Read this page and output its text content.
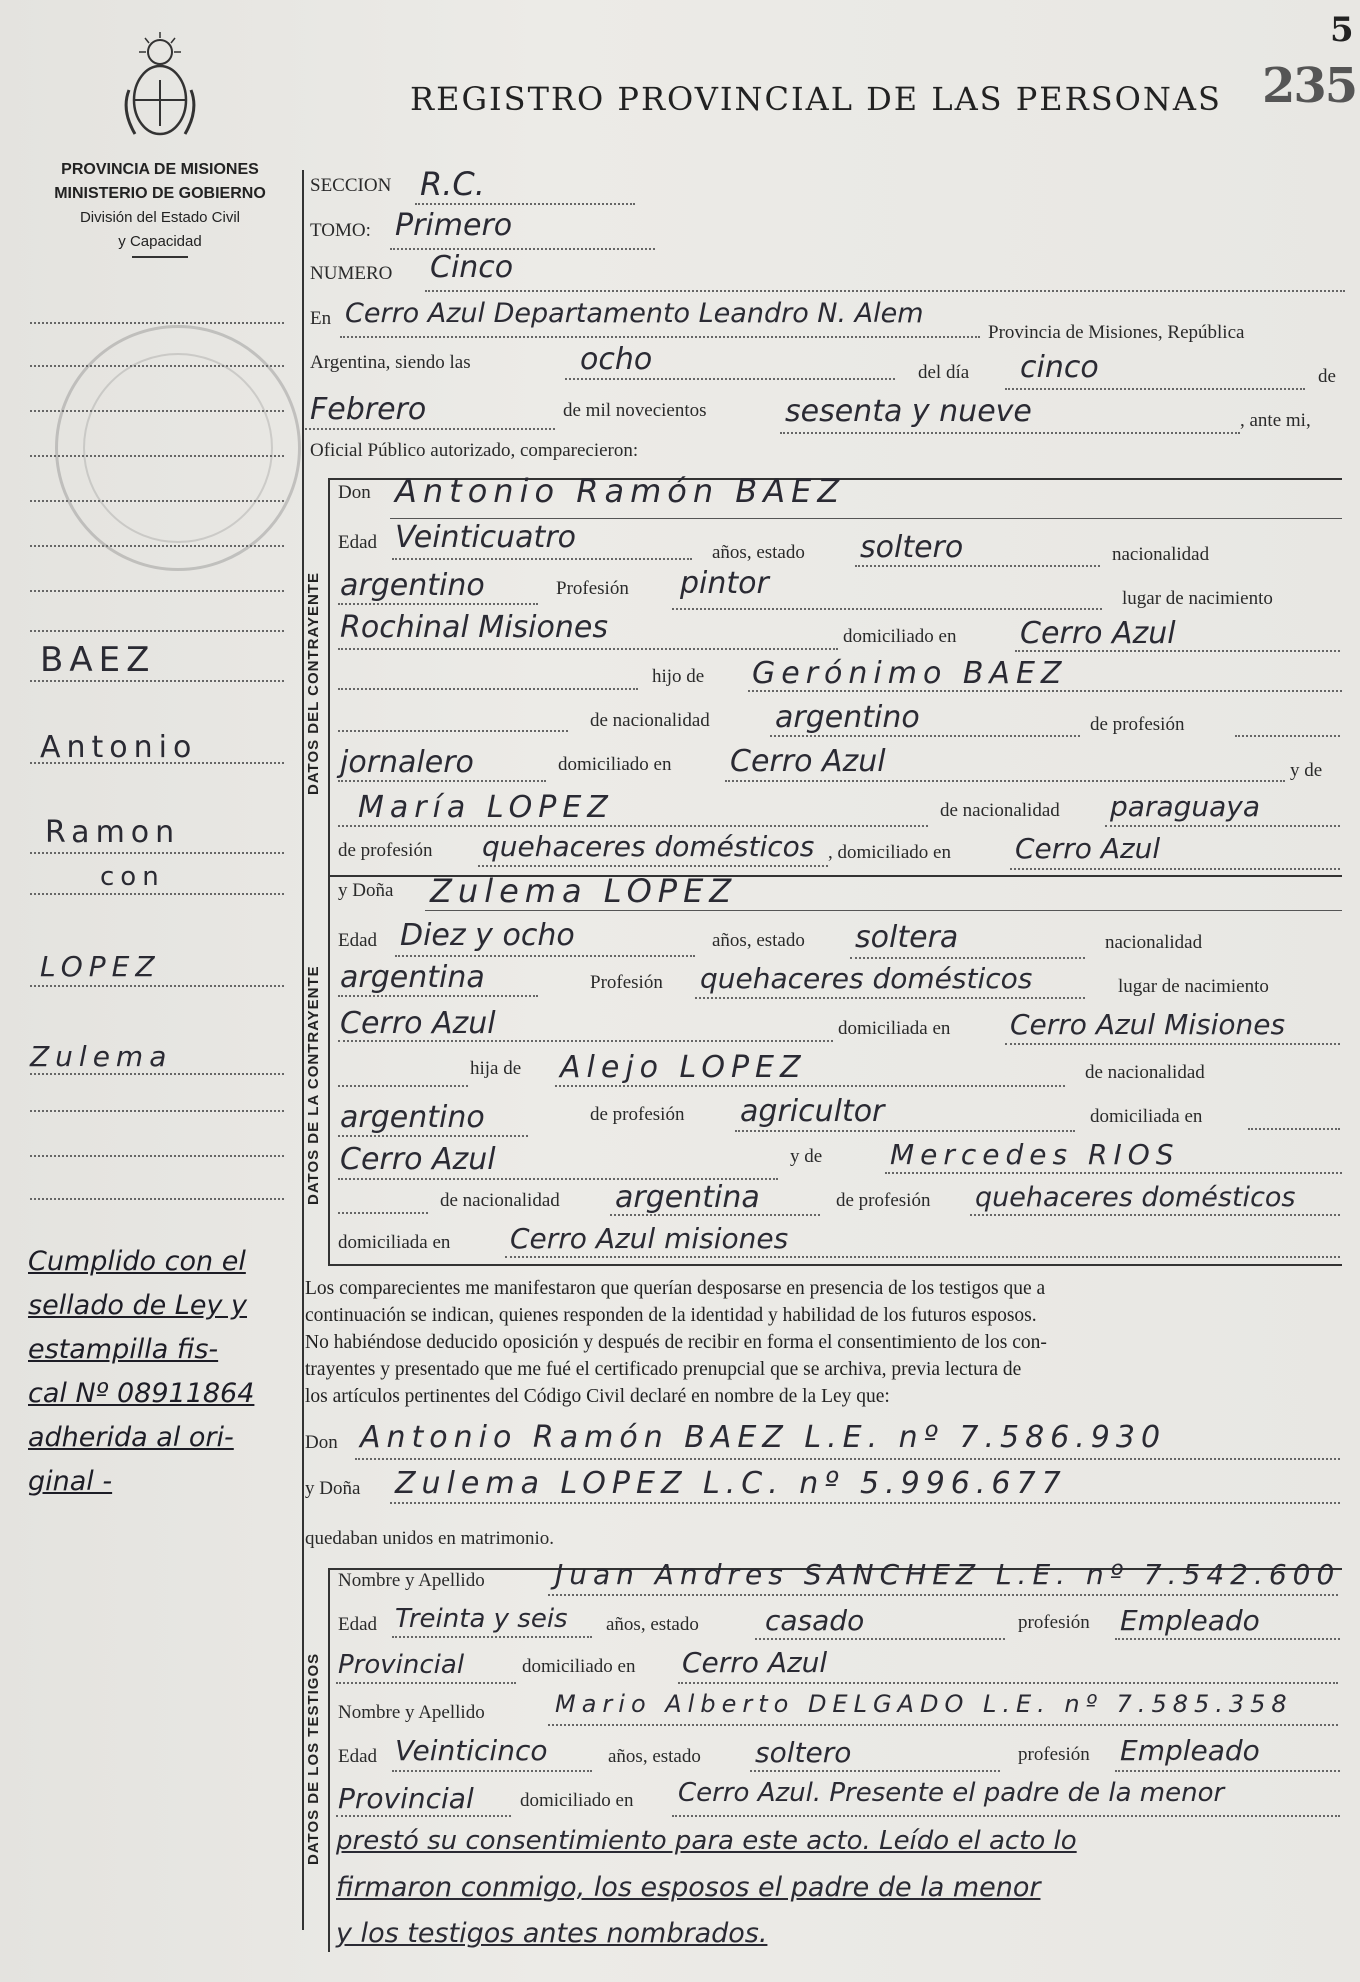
5
235
REGISTRO PROVINCIAL DE LAS PERSONAS
PROVINCIA DE MISIONES
MINISTERIO DE GOBIERNO
División del Estado Civil
y Capacidad
BAEZ
Antonio
Ramon
con
LOPEZ
Zulema
Cumplido con el
sellado de Ley y
estampilla fis-
cal Nº 08911864
adherida al ori-
ginal -
DATOS DEL CONTRAYENTE
DATOS DE LA CONTRAYENTE
DATOS DE LOS TESTIGOS
SECCION R.C.
TOMO: Primero
NUMERO Cinco
En Cerro Azul Departamento Leandro N. Alem
Provincia de Misiones, República
Argentina, siendo las	ocho	del día cinco	de
Febrero	de mil novecientos	sesenta y nueve	, ante mi,
Oficial Público autorizado, comparecieron:
Don Antonio Ramón BAEZ
Edad Veinticuatro	años, estado soltero	nacionalidad
argentino	Profesión pintor	lugar de nacimiento
Rochinal Misiones	domiciliado en Cerro Azul
hijo de Gerónimo BAEZ
de nacionalidad argentino	de profesión
jornalero	domiciliado en Cerro Azul	y de
María LOPEZ	de nacionalidad paraguaya
de profesión quehaceres domésticos , domiciliado en Cerro Azul
y Doña Zulema LOPEZ
Edad Diez y ocho	años, estado soltera	nacionalidad
argentina	Profesión quehaceres domésticos	lugar de nacimiento
Cerro Azul	domiciliada en Cerro Azul Misiones
hija de Alejo LOPEZ	de nacionalidad
argentino	de profesión agricultor	domiciliada en
Cerro Azul	y de Mercedes RIOS
de nacionalidad argentina	de profesión quehaceres domésticos
domiciliada en Cerro Azul misiones
Los comparecientes me manifestaron que querían desposarse en presencia de los testigos que a
continuación se indican, quienes responden de la identidad y habilidad de los futuros esposos.
No habiéndose deducido oposición y después de recibir en forma el consentimiento de los con-
trayentes y presentado que me fué el certificado prenupcial que se archiva, previa lectura de
los artículos pertinentes del Código Civil declaré en nombre de la Ley que:
Don Antonio Ramón BAEZ L.E. nº 7.586.930
y Doña Zulema LOPEZ L.C. nº 5.996.677
quedaban unidos en matrimonio.
Nombre y Apellido	Juan Andres SANCHEZ L.E. nº 7.542.600
Edad Treinta y seis años, estado casado	profesión Empleado
Provincial	domiciliado en Cerro Azul
Nombre y Apellido	Mario Alberto DELGADO L.E. nº 7.585.358
Edad Veinticinco	años, estado soltero	profesión Empleado
Provincial domiciliado en Cerro Azul. Presente el padre de la menor
prestó su consentimiento para este acto. Leído el acto lo
firmaron conmigo, los esposos el padre de la menor
y los testigos antes nombrados.
